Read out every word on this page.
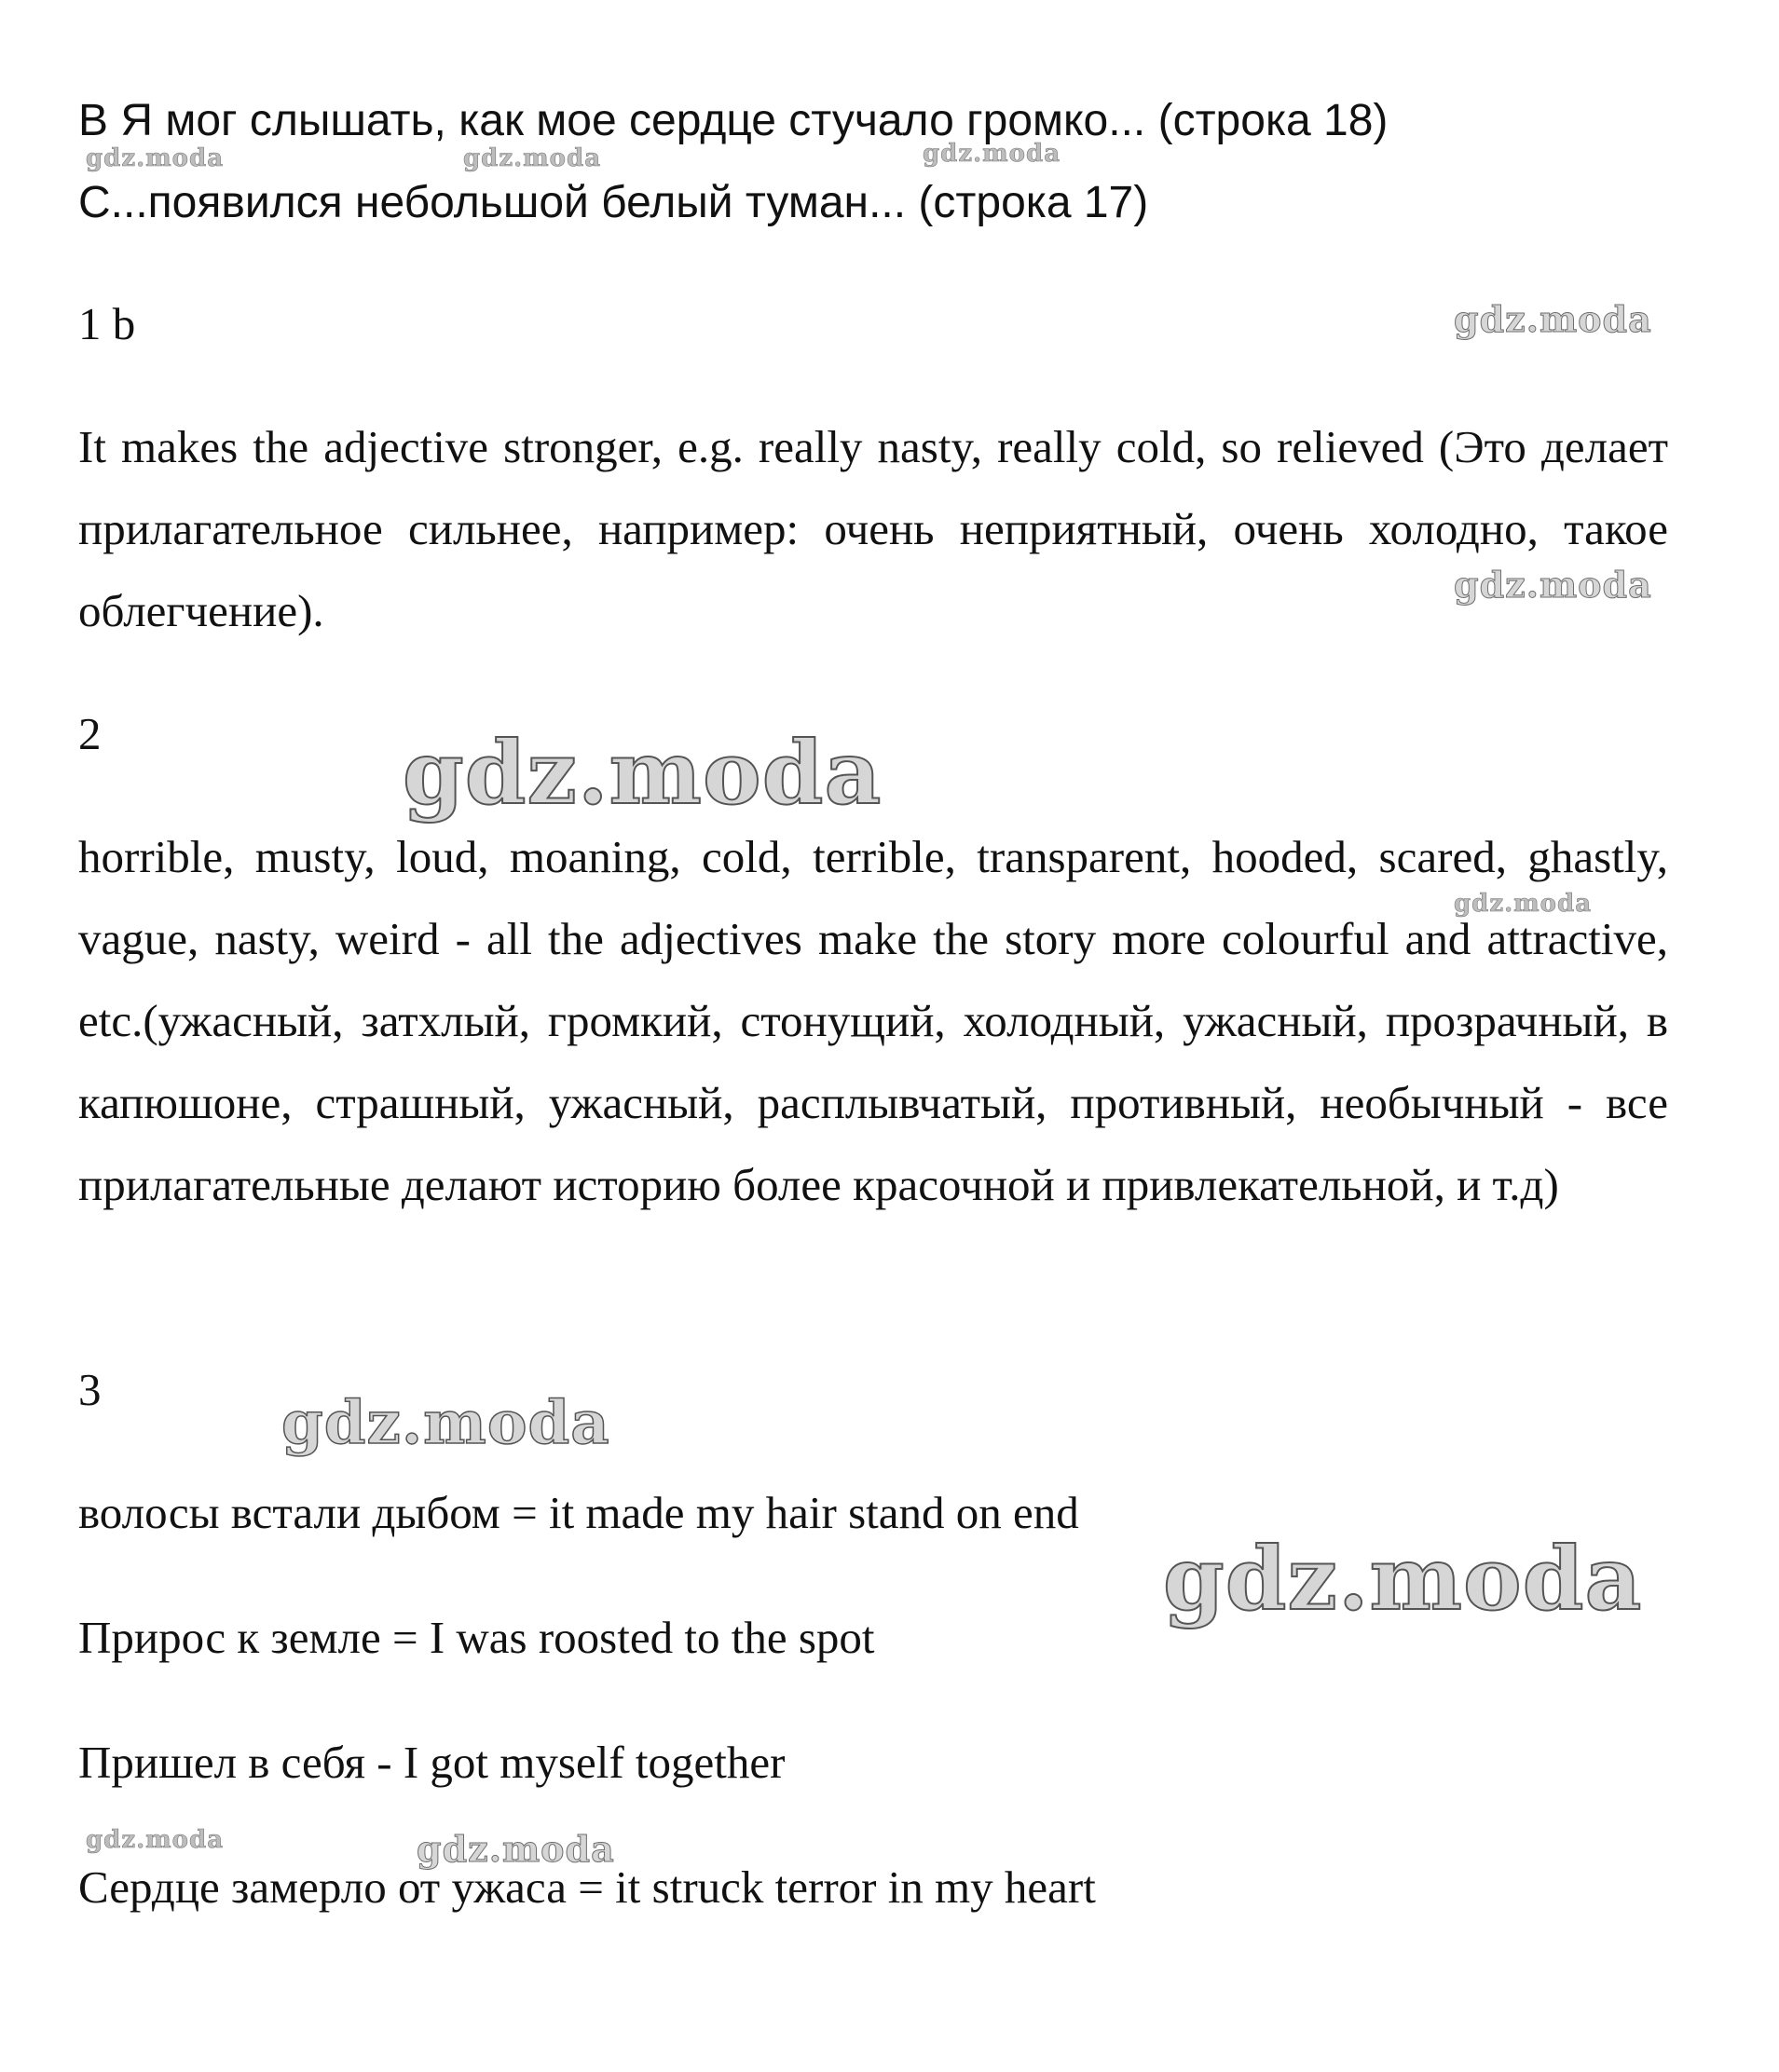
В Я мог слышать, как мое сердце стучало громко... (строка 18)
С...появился небольшой белый туман... (строка 17)
1 b
It makes the adjective stronger, e.g. really nasty, really cold, so relieved (Это делает прилагательное сильнее, например: очень неприятный, очень холодно, такое облегчение).
2
horrible, musty, loud, moaning, cold, terrible, transparent, hooded, scared, ghastly, vague, nasty, weird - all the adjectives make the story more colourful and attractive, etc.(ужасный, затхлый, громкий, стонущий, холодный, ужасный, прозрачный, в капюшоне, страшный, ужасный, расплывчатый, противный, необычный - все прилагательные делают историю более красочной и привлекательной, и т.д)
3
волосы встали дыбом = it made my hair stand on end
Прирос к земле = I was roosted to the spot
Пришел в себя - I got myself together
Сердце замерло от ужаса = it struck terror in my heart
gdz.moda	gdz.moda	gdz.moda
gdz.moda
gdz.moda
gdz.moda
gdz.moda
gdz.moda
gdz.moda
gdz.moda	gdz.moda
